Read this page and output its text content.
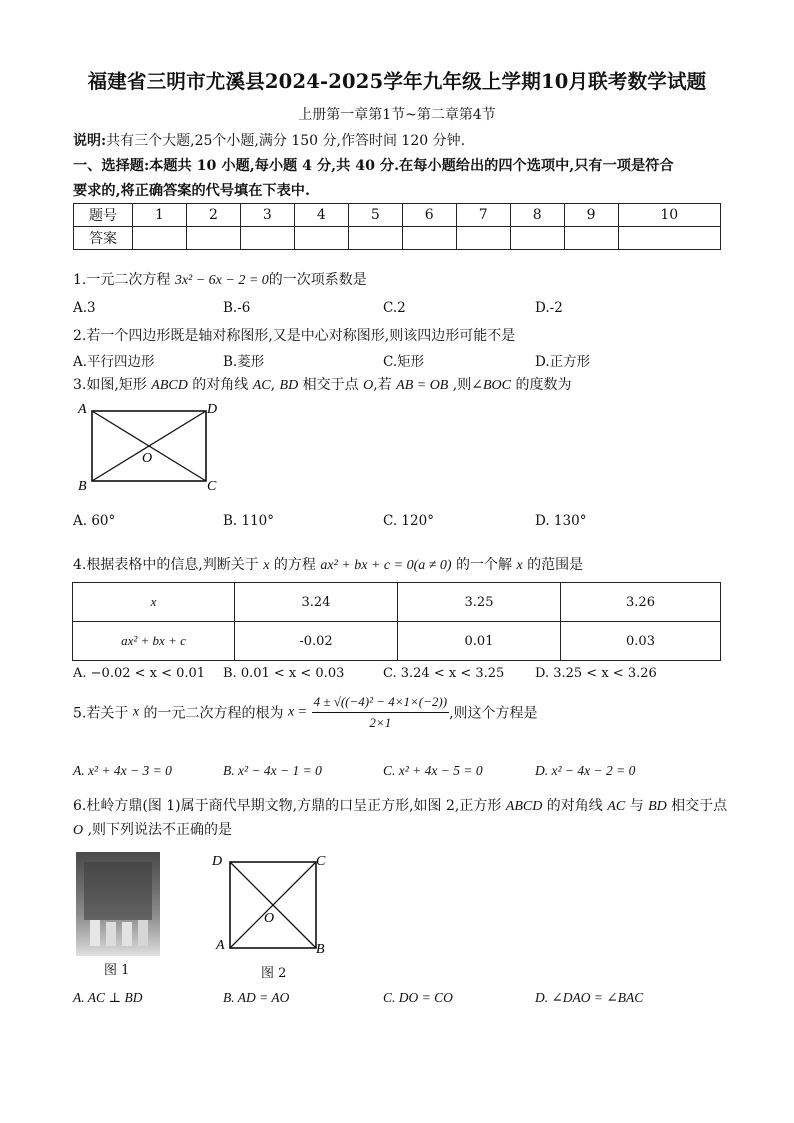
福建省三明市尤溪县2024-2025学年九年级上学期10月联考数学试题
上册第一章第1节~第二章第4节
说明:共有三个大题,25个小题,满分 150 分,作答时间 120 分钟.
一、选择题:本题共 10 小题,每小题 4 分,共 40 分.在每小题给出的四个选项中,只有一项是符合
要求的,将正确答案的代号填在下表中.
题号	1	2	3	4	5	6	7	8	9	10
答案										
1.一元二次方程 3x² − 6x − 2 = 0的一次项系数是
A.3	B.-6	C.2	D.-2
2.若一个四边形既是轴对称图形,又是中心对称图形,则该四边形可能不是
A.平行四边形	B.菱形	C.矩形	D.正方形
3.如图,矩形 ABCD 的对角线 AC, BD 相交于点 O,若 AB = OB ,则∠BOC 的度数为
A	D
O
B	C
A. 60°	B. 110°	C. 120°	D. 130°
4.根据表格中的信息,判断关于 x 的方程 ax² + bx + c = 0(a ≠ 0) 的一个解 x 的范围是
x	3.24	3.25	3.26
ax² + bx + c	-0.02	0.01	0.03
A. −0.02 < x < 0.01 B. 0.01 < x < 0.03	C. 3.24 < x < 3.25 D. 3.25 < x < 3.26
5.若关于 x 的一元二次方程的根为 $x = \frac{\text{4 ± √((−4)² − 4×1×(−2))}}{2\times 1}$ ,则这个方程是
A. x² + 4x − 3 = 0	B. x² − 4x − 1 = 0	C. x² + 4x − 5 = 0	D. x² − 4x − 2 = 0
6.杜岭方鼎(图 1)属于商代早期文物,方鼎的口呈正方形,如图 2,正方形 ABCD 的对角线 AC 与 BD 相交于点
O ,则下列说法不正确的是
图 1
D	C
O
A	B
图 2
A. AC ⊥ BD	B. AD = AO	C. DO = CO	D. ∠DAO = ∠BAC
